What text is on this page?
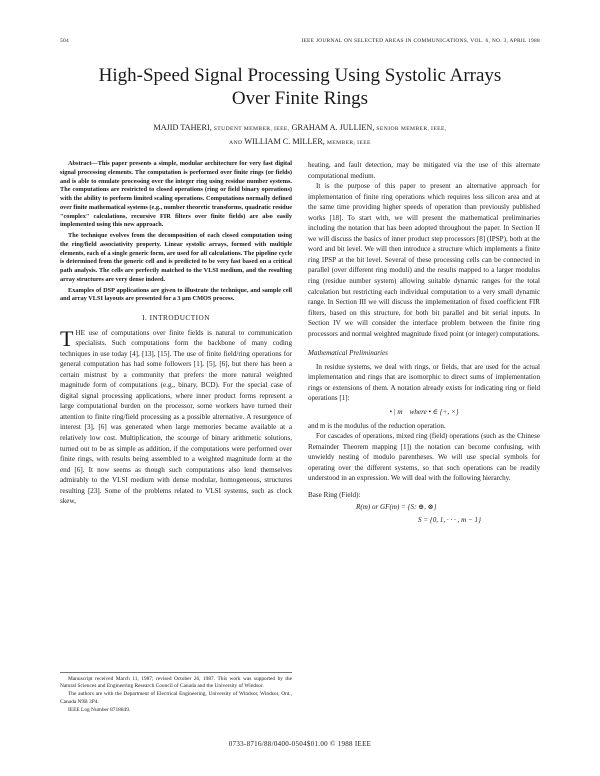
504	IEEE JOURNAL ON SELECTED AREAS IN COMMUNICATIONS, VOL. 6, NO. 3, APRIL 1988
High-Speed Signal Processing Using Systolic Arrays
Over Finite Rings
MAJID TAHERI, STUDENT MEMBER, IEEE, GRAHAM A. JULLIEN, SENIOR MEMBER, IEEE,
AND WILLIAM C. MILLER, MEMBER, IEEE

Abstract—This paper presents a simple, modular architecture for very fast digital signal processing elements. The computation is performed over finite rings (or fields) and is able to emulate processing over the integer ring using residue number systems. The computations are restricted to closed operations (ring or field binary operations) with the ability to perform limited scaling operations. Computations normally defined over finite mathematical systems (e.g., number theoretic transforms, quadratic residue "complex" calculations, recursive FIR filters over finite fields) are also easily implemented using this new approach.

The technique evolves from the decomposition of each closed computation using the ring/field associativity property. Linear systolic arrays, formed with multiple elements, each of a single generic form, are used for all calculations. The pipeline cycle is determined from the generic cell and is predicted to be very fast based on a critical path analysis. The cells are perfectly matched to the VLSI medium, and the resulting array structures are very dense indeed.

Examples of DSP applications are given to illustrate the technique, and sample cell and array VLSI layouts are presented for a 3 μm CMOS process.

I. INTRODUCTION

THE use of computations over finite fields is natural to communication specialists. Such computations form the backbone of many coding techniques in use today [4], [13], [15]. The use of finite field/ring operations for general computation has had some followers [1], [5], [6], but there has been a certain mistrust by a community that prefers the more natural weighted magnitude form of computations (e.g., binary, BCD). For the special case of digital signal processing applications, where inner product forms represent a large computational burden on the processor, some workers have turned their attention to finite ring/field processing as a possible alternative. A resurgence of interest [3], [6] was generated when large memories became available at a relatively low cost. Multiplication, the scourge of binary arithmetic solutions, turned out to be as simple as addition, if the computations were performed over finite rings, with results being assembled to a weighted magnitude form at the end [6]. It now seems as though such computations also lend themselves admirably to the VLSI medium with dense modular, homogeneous, structures resulting [23]. Some of the problems related to VLSI systems, such as clock skew,

heating, and fault detection, may be mitigated via the use of this alternate computational medium.

It is the purpose of this paper to present an alternative approach for implementation of finite ring operations which requires less silicon area and at the same time providing higher speeds of operation than previously published works [18]. To start with, we will present the mathematical preliminaries including the notation that has been adopted throughout the paper. In Section II we will discuss the basics of inner product step processors [8] (IPSP), both at the word and bit level. We will then introduce a structure which implements a finite ring IPSP at the bit level. Several of these processing cells can be connected in parallel (over different ring moduli) and the results mapped to a larger modulus ring (residue number system) allowing suitable dynamic ranges for the total calculation but restricting each individual computation to a very small dynamic range. In Section III we will discuss the implementation of fixed coefficient FIR filters, based on this structure, for both bit parallel and bit serial inputs. In Section IV we will consider the interface problem between the finite ring processors and normal weighted magnitude fixed point (or integer) computations.

Mathematical Preliminaries

In residue systems, we deal with rings, or fields, that are used for the actual implementation and rings that are isomorphic to direct sums of implementation rings or extensions of them. A notation already exists for indicating ring or field operations [1]:

• | m where • ∈ {+, ×}

and m is the modulus of the reduction operation.

For cascades of operations, mixed ring (field) operations (such as the Chinese Remainder Theorem mapping [1]) the notation can become confusing, with unwieldy nesting of modulo parentheses. We will use special symbols for operating over the different systems, so that such operations can be readily understood in an expression. We will deal with the following hierarchy.

Base Ring (Field):

R(m) or GF(m) = {S: ⊕, ⊗}
S = {0, 1, · · · , m − 1}

Manuscript received March 11, 1987; revised October 26, 1987. This work was supported by the Natural Sciences and Engineering Research Council of Canada and the University of Windsor.

The authors are with the Department of Electrical Engineering, University of Windsor, Windsor, Ont., Canada N9B 3P4.

IEEE Log Number 8718849.

0733-8716/88/0400-0504$01.00 © 1988 IEEE
